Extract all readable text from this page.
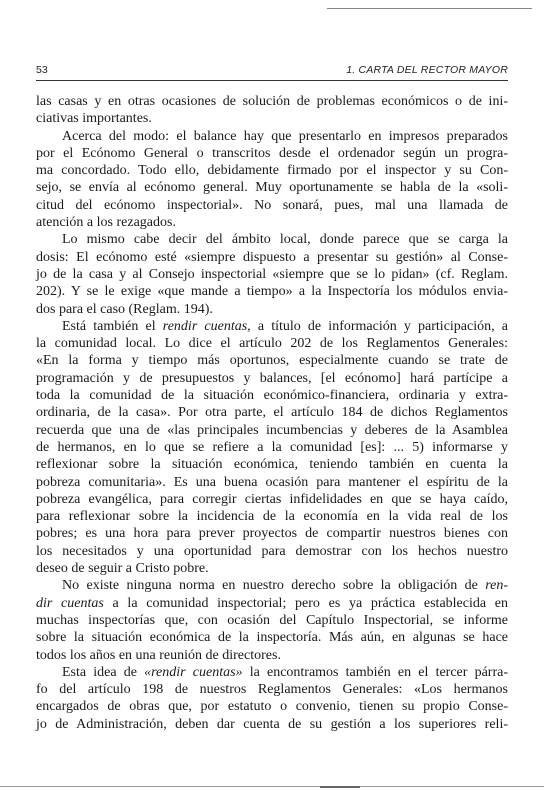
53	1. CARTA DEL RECTOR MAYOR
las casas y en otras ocasiones de solución de problemas económicos o de ini-
ciativas importantes.
Acerca del modo: el balance hay que presentarlo en impresos preparados
por el Ecónomo General o transcritos desde el ordenador según un progra-
ma concordado. Todo ello, debidamente firmado por el inspector y su Con-
sejo, se envía al ecónomo general. Muy oportunamente se habla de la «soli-
citud del ecónomo inspectorial». No sonará, pues, mal una llamada de
atención a los rezagados.
Lo mismo cabe decir del ámbito local, donde parece que se carga la
dosis: El ecónomo esté «siempre dispuesto a presentar su gestión» al Conse-
jo de la casa y al Consejo inspectorial «siempre que se lo pidan» (cf. Reglam.
202). Y se le exige «que mande a tiempo» a la Inspectoría los módulos envia-
dos para el caso (Reglam. 194).
Está también el rendir cuentas, a título de información y participación, a
la comunidad local. Lo dice el artículo 202 de los Reglamentos Generales:
«En la forma y tiempo más oportunos, especialmente cuando se trate de
programación y de presupuestos y balances, [el ecónomo] hará partícipe a
toda la comunidad de la situación económico-financiera, ordinaria y extra-
ordinaria, de la casa». Por otra parte, el artículo 184 de dichos Reglamentos
recuerda que una de «las principales incumbencias y deberes de la Asamblea
de hermanos, en lo que se refiere a la comunidad [es]: ... 5) informarse y
reflexionar sobre la situación económica, teniendo también en cuenta la
pobreza comunitaria». Es una buena ocasión para mantener el espíritu de la
pobreza evangélica, para corregir ciertas infidelidades en que se haya caído,
para reflexionar sobre la incidencia de la economía en la vida real de los
pobres; es una hora para prever proyectos de compartir nuestros bienes con
los necesitados y una oportunidad para demostrar con los hechos nuestro
deseo de seguir a Cristo pobre.
No existe ninguna norma en nuestro derecho sobre la obligación de ren-
dir cuentas a la comunidad inspectorial; pero es ya práctica establecida en
muchas inspectorías que, con ocasión del Capítulo Inspectorial, se informe
sobre la situación económica de la inspectoría. Más aún, en algunas se hace
todos los años en una reunión de directores.
Esta idea de «rendir cuentas» la encontramos también en el tercer párra-
fo del artículo 198 de nuestros Reglamentos Generales: «Los hermanos
encargados de obras que, por estatuto o convenio, tienen su propio Conse-
jo de Administración, deben dar cuenta de su gestión a los superiores reli-
